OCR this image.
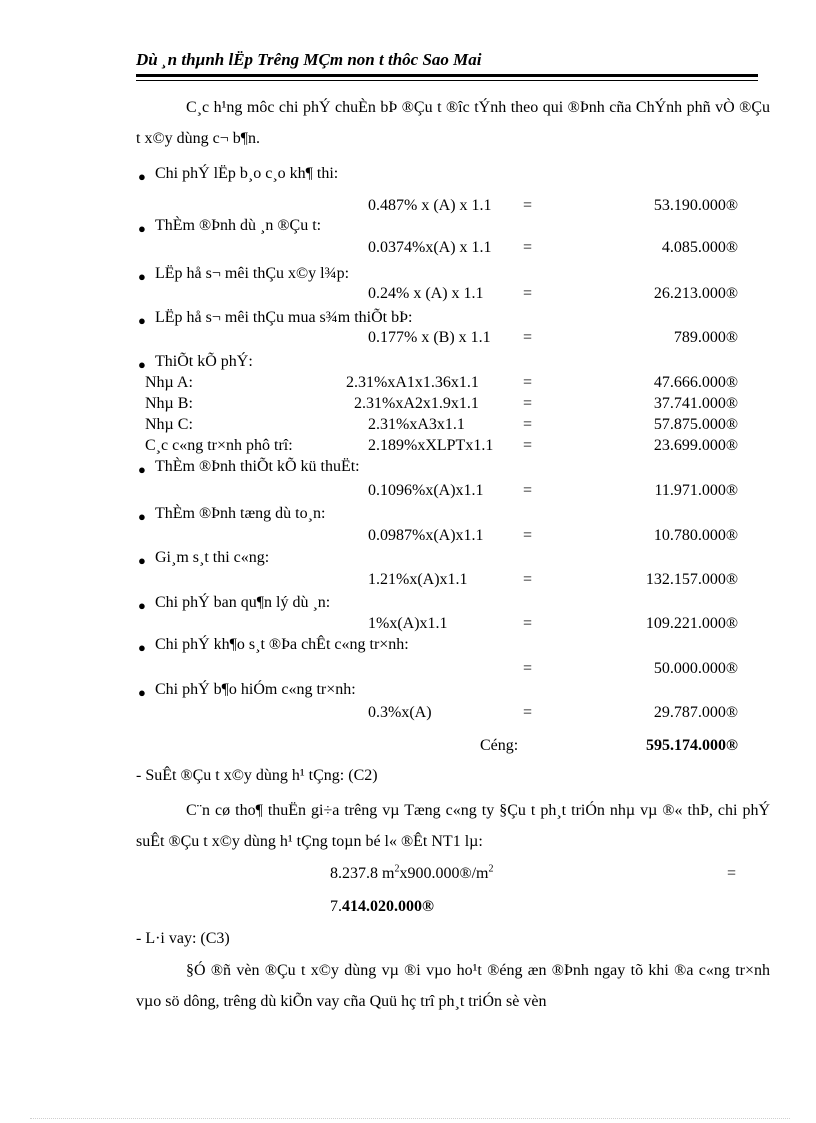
Dù ¸n thµnh lËp Trêng MÇm non t thôc Sao Mai
C¸c h¹ng môc chi phÝ chuÈn bÞ ®Çu t ®îc tÝnh theo qui ®Þnh cña ChÝnh phñ vÒ ®Çu t x©y dùng c¬ b¶n.
● Chi phÝ lËp b¸o c¸o kh¶ thi:
0.487% x (A) x 1.1 =	53.190.000®
● ThÈm ®Þnh dù ¸n ®Çu t:
0.0374%x(A) x 1.1 =	4.085.000®
● LËp hå s¬ mêi thÇu x©y l¾p:
0.24% x (A) x 1.1 =	26.213.000®
● LËp hå s¬ mêi thÇu mua s¾m thiÕt bÞ:
0.177% x (B) x 1.1 =	789.000®
● ThiÕt kÕ phÝ:
Nhµ A:	2.31%xA1x1.36x1.1	=	47.666.000®
Nhµ B:	2.31%xA2x1.9x1.1	=	37.741.000®
Nhµ C:	2.31%xA3x1.1	=	57.875.000®
C¸c c«ng tr×nh phô trî:	2.189%xXLPTx1.1 =	23.699.000®
● ThÈm ®Þnh thiÕt kÕ kü thuËt:
0.1096%x(A)x1.1 =	11.971.000®
● ThÈm ®Þnh tæng dù to¸n:
0.0987%x(A)x1.1 =	10.780.000®
● Gi¸m s¸t thi c«ng:
1.21%x(A)x1.1	=	132.157.000®
● Chi phÝ ban qu¶n lý dù ¸n:
1%x(A)x1.1	=	109.221.000®
● Chi phÝ kh¶o s¸t ®Þa chÊt c«ng tr×nh:
=	50.000.000®
● Chi phÝ b¶o hiÓm c«ng tr×nh:
0.3%x(A)	=	29.787.000®
Céng:	595.174.000®
- SuÊt ®Çu t x©y dùng h¹ tÇng: (C2)
C¨n cø tho¶ thuËn gi÷a trêng vµ Tæng c«ng ty §Çu t ph¸t triÓn nhµ vµ ®« thÞ, chi phÝ suÊt ®Çu t x©y dùng h¹ tÇng toµn bé l« ®Êt NT1 lµ:
8.237.8 $m^2x900.000®/m^2$	=
7.414.020.000®
- L·i vay: (C3)
§Ó ®ñ vèn ®Çu t x©y dùng vµ ®i vµo ho¹t ®éng æn ®Þnh ngay tõ khi ®a c«ng tr×nh vµo sö dông, trêng dù kiÕn vay cña Quü hç trî ph¸t triÓn sè vèn
